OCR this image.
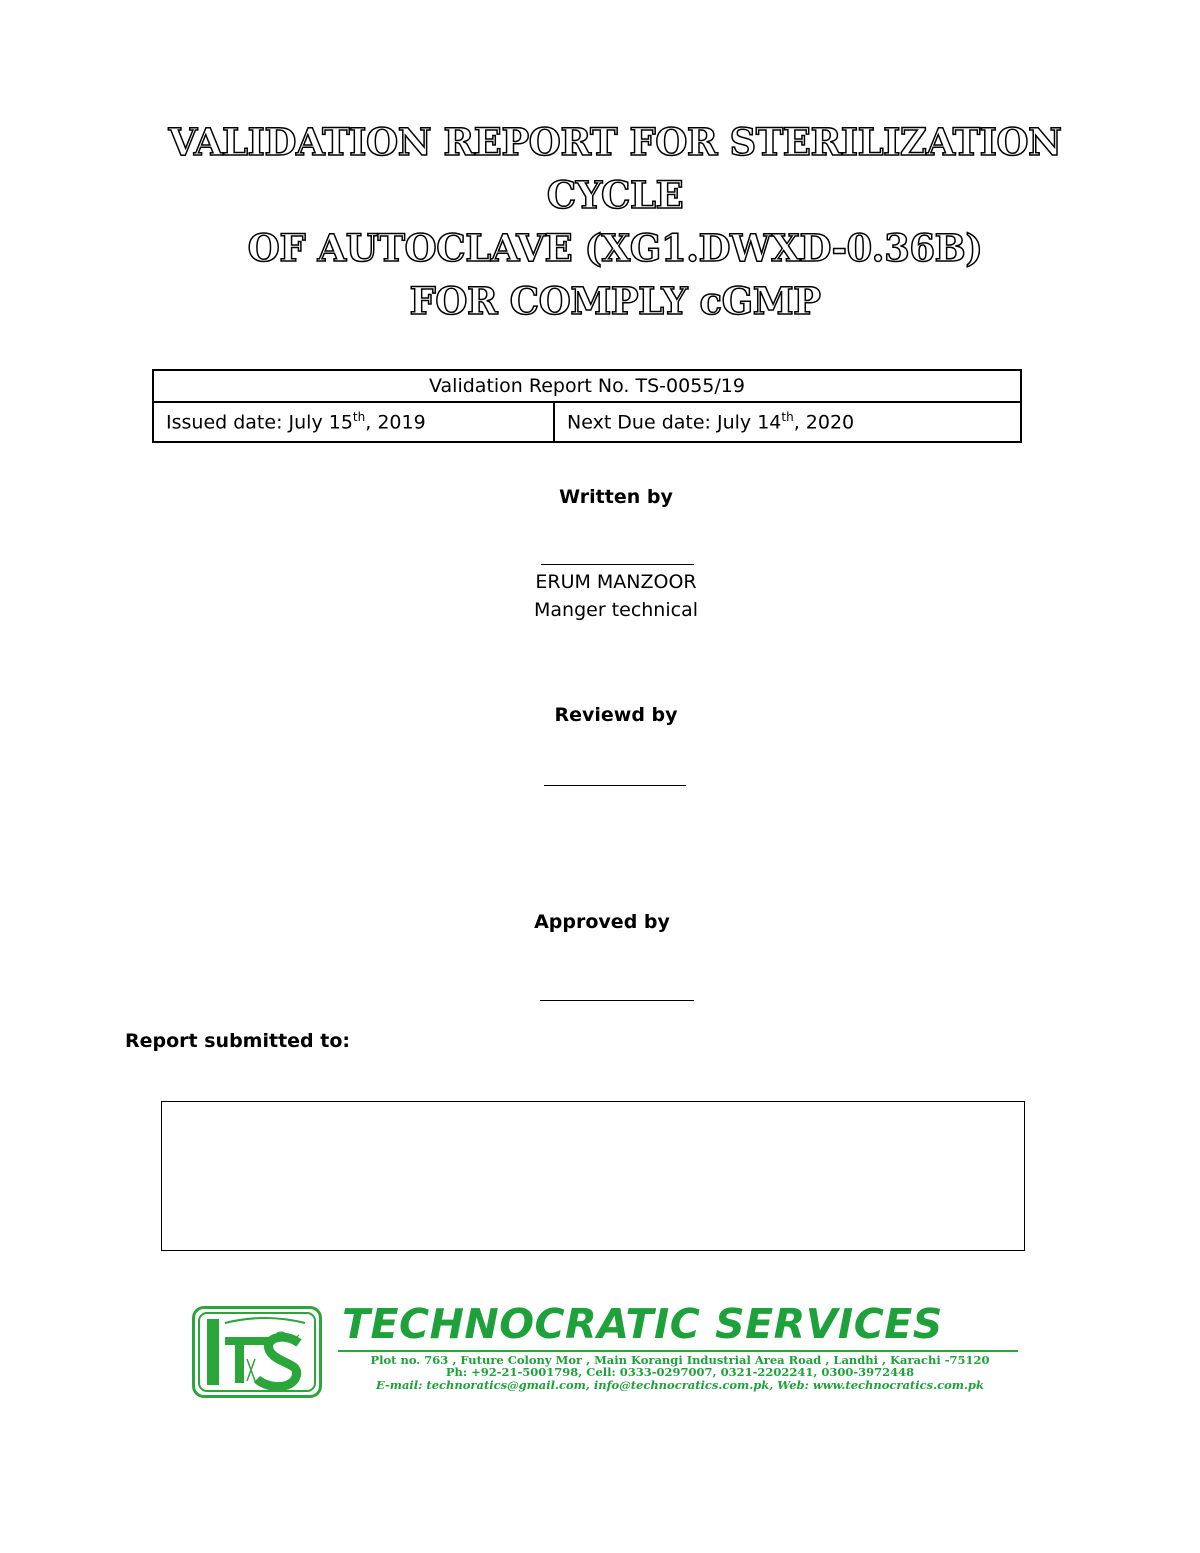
VALIDATION REPORT FOR STERILIZATION
CYCLE
OF AUTOCLAVE (XG1.DWXD-0.36B)
FOR COMPLY cGMP
Validation Report No. TS-0055/19
Issued date: July 15th, 2019	Next Due date: July 14th, 2020
Written by
ERUM MANZOOR
Manger technical
Reviewd by
Approved by
Report submitted to:
TECHNOCRATIC SERVICES
Plot no. 763 , Future Colony Mor , Main Korangi Industrial Area Road , Landhi , Karachi -75120
Ph: +92-21-5001798, Cell: 0333-0297007, 0321-2202241, 0300-3972448
E-mail: technoratics@gmail.com, info@technocratics.com.pk, Web: www.technocratics.com.pk
